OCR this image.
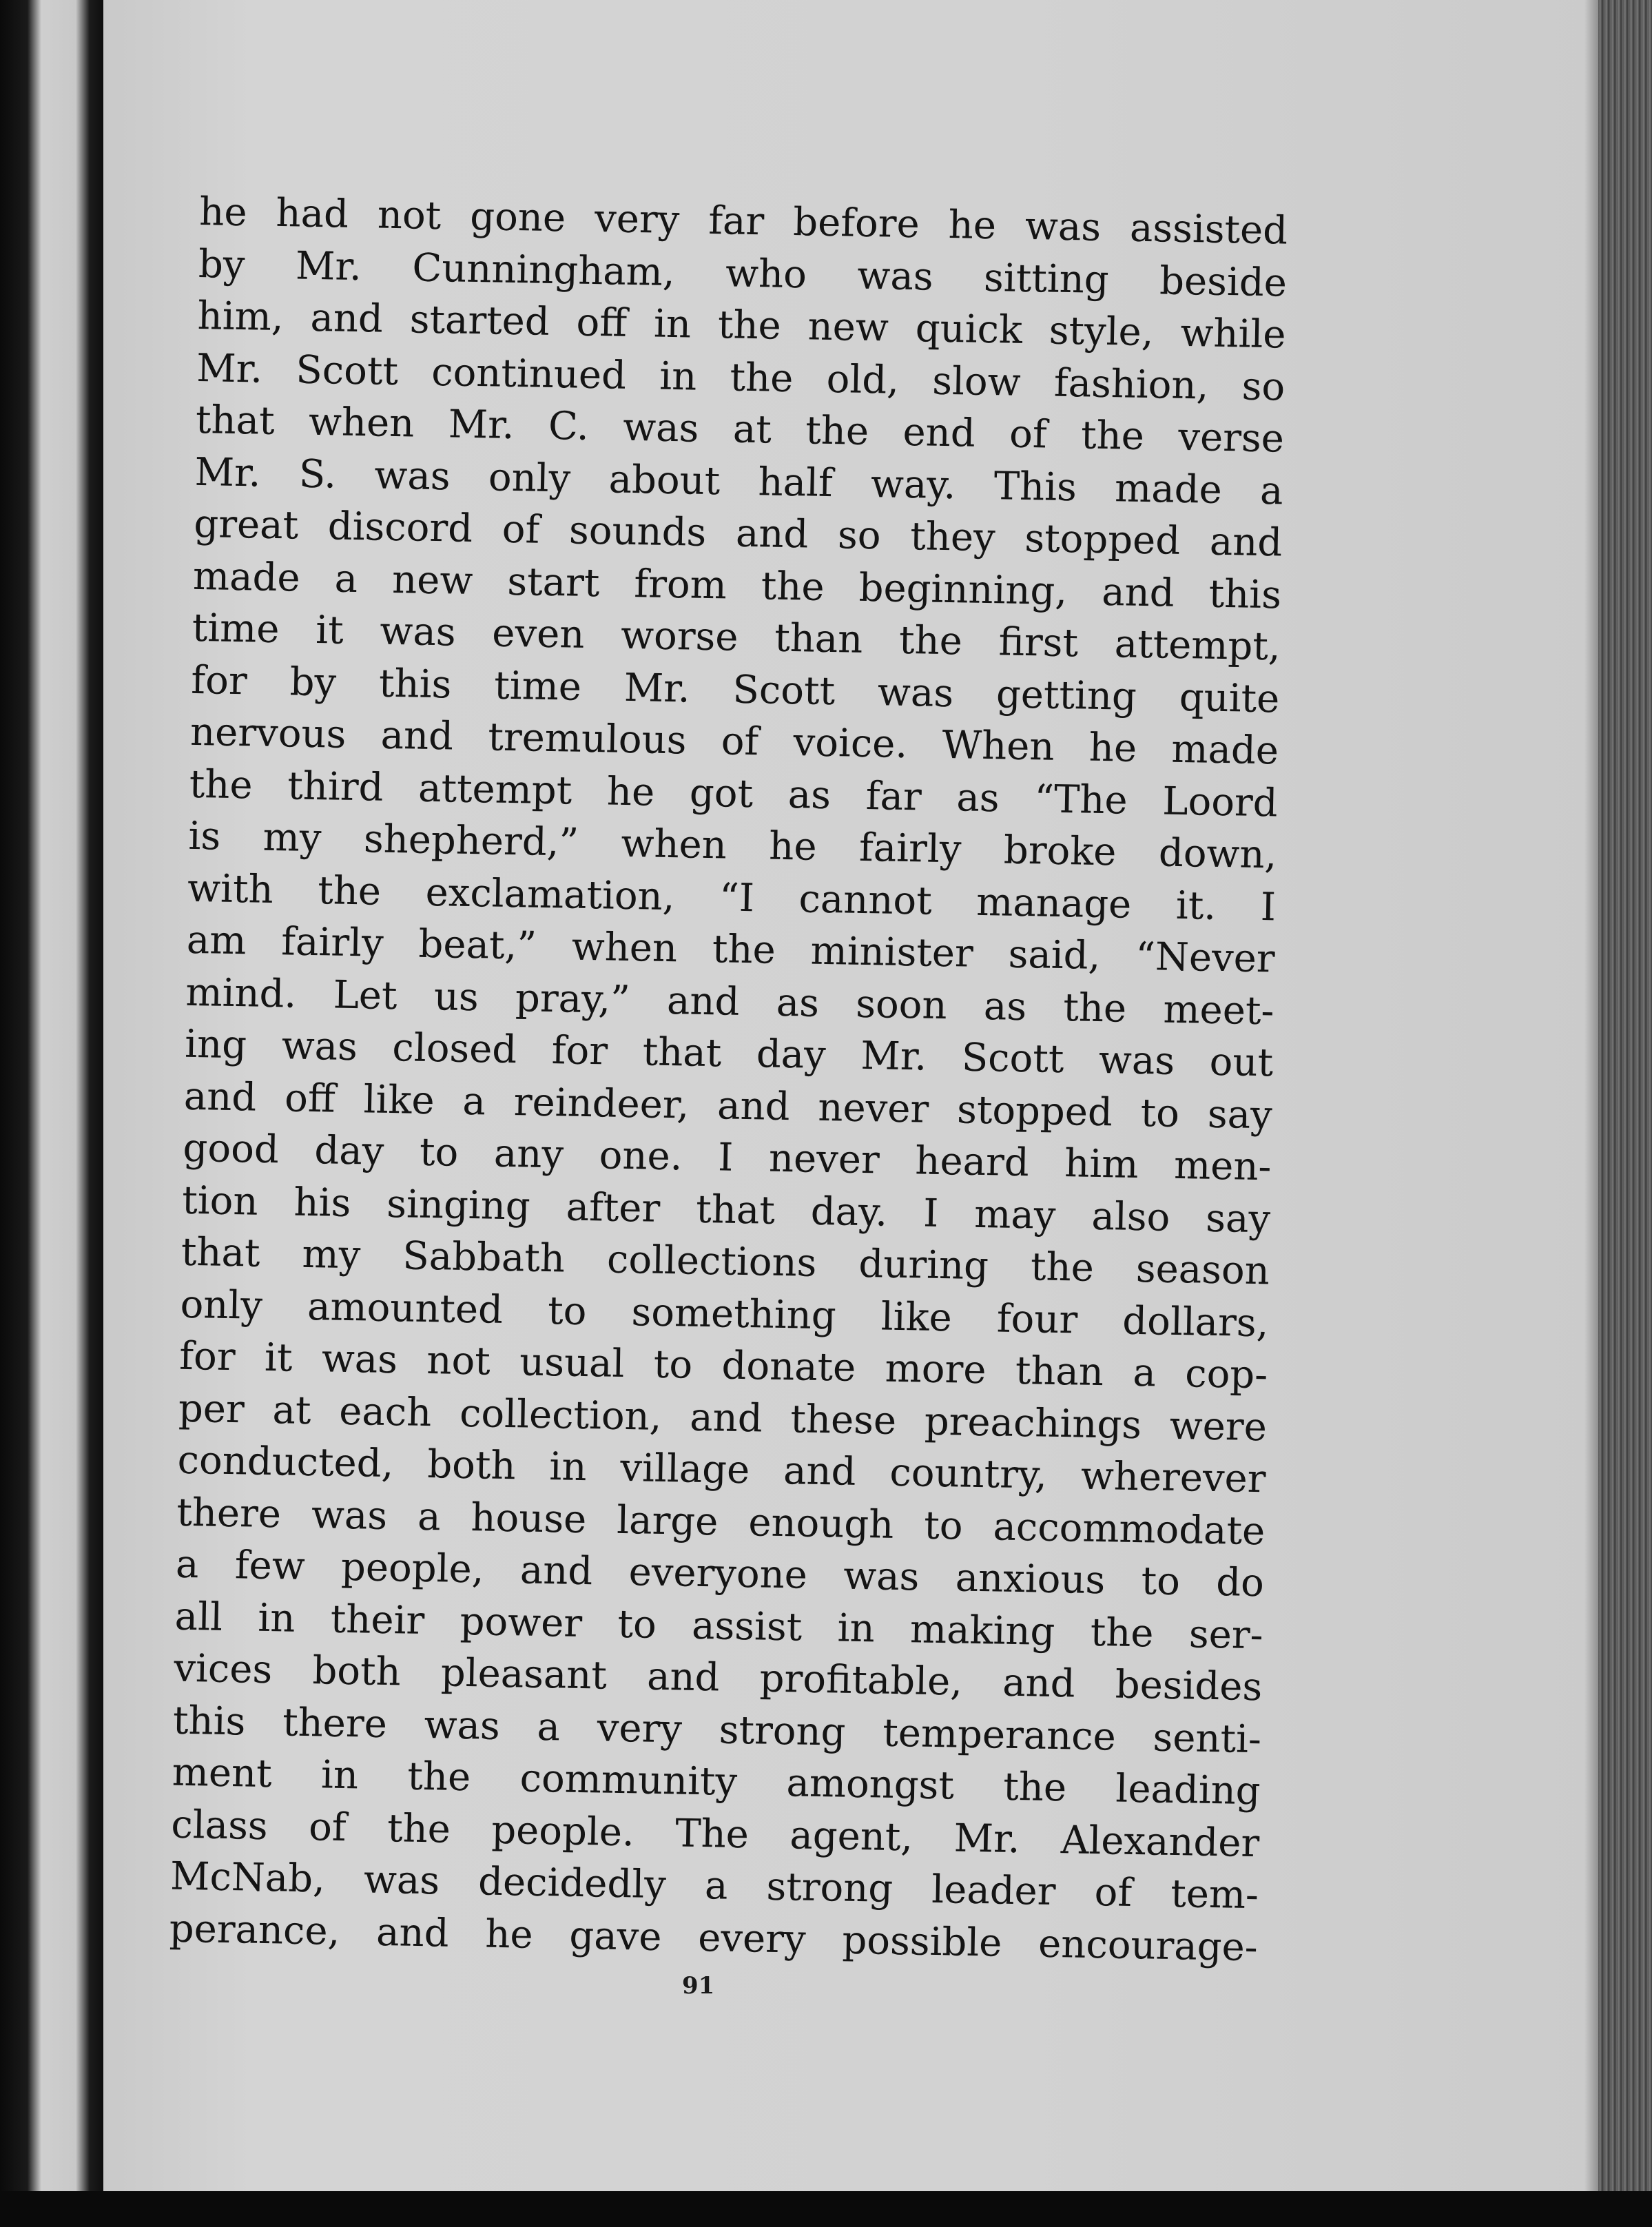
he had not gone very far before he was assisted
by Mr. Cunningham, who was sitting beside
him, and started off in the new quick style, while
Mr. Scott continued in the old, slow fashion, so
that when Mr. C. was at the end of the verse
Mr. S. was only about half way. This made a
great discord of sounds and so they stopped and
made a new start from the beginning, and this
time it was even worse than the first attempt,
for by this time Mr. Scott was getting quite
nervous and tremulous of voice. When he made
the third attempt he got as far as “The Loord
is my shepherd,” when he fairly broke down,
with the exclamation, “I cannot manage it. I
am fairly beat,” when the minister said, “Never
mind. Let us pray,” and as soon as the meet-
ing was closed for that day Mr. Scott was out
and off like a reindeer, and never stopped to say
good day to any one. I never heard him men-
tion his singing after that day. I may also say
that my Sabbath collections during the season
only amounted to something like four dollars,
for it was not usual to donate more than a cop-
per at each collection, and these preachings were
conducted, both in village and country, wherever
there was a house large enough to accommodate
a few people, and everyone was anxious to do
all in their power to assist in making the ser-
vices both pleasant and profitable, and besides
this there was a very strong temperance senti-
ment in the community amongst the leading
class of the people. The agent, Mr. Alexander
McNab, was decidedly a strong leader of tem-
perance, and he gave every possible encourage-
91
